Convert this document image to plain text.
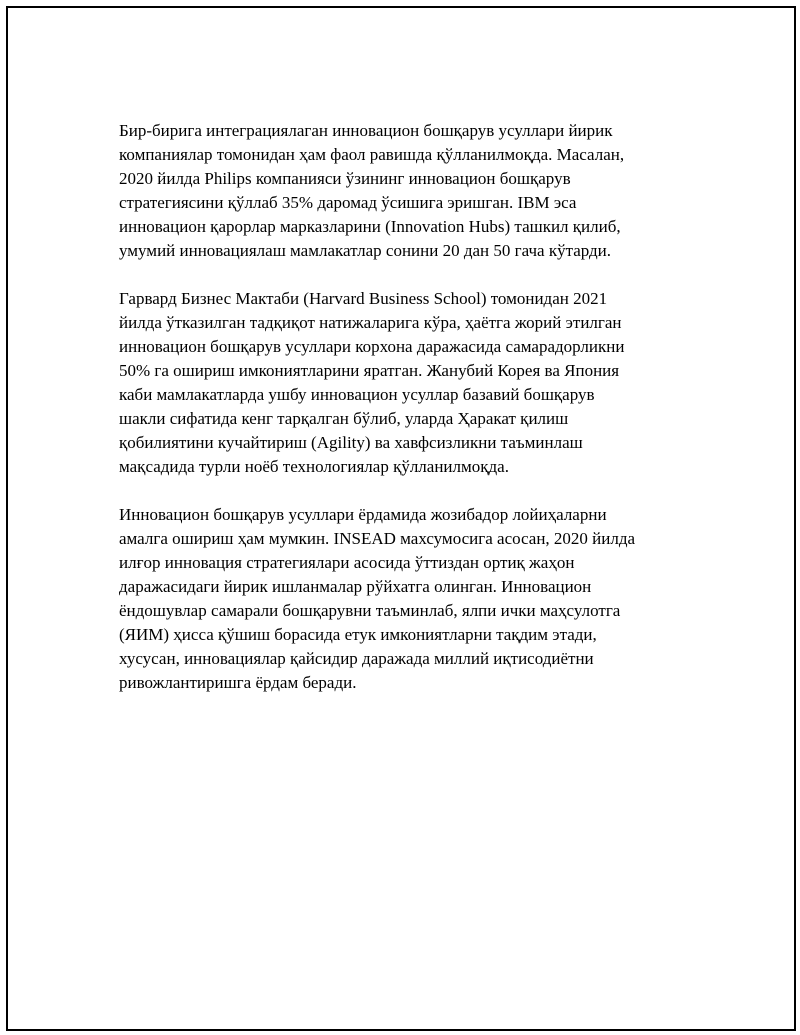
Бир-бирига интеграциялаган инновацион бошқарув усуллари йирик
компаниялар томонидан ҳам фаол равишда қўлланилмоқда. Масалан,
2020 йилда Philips компанияси ўзининг инновацион бошқарув
стратегиясини қўллаб 35% даромад ўсишига эришган. IBM эса
инновацион қарорлар марказларини (Innovation Hubs) ташкил қилиб,
умумий инновациялаш мамлакатлар сонини 20 дан 50 гача кўтарди.

Гарвард Бизнес Мактаби (Harvard Business School) томонидан 2021
йилда ўтказилган тадқиқот натижаларига кўра, ҳаётга жорий этилган
инновацион бошқарув усуллари корхона даражасида самарадорликни
50% га ошириш имкониятларини яратган. Жанубий Корея ва Япония
каби мамлакатларда ушбу инновацион усуллар базавий бошқарув
шакли сифатида кенг тарқалган бўлиб, уларда Ҳаракат қилиш
қобилиятини кучайтириш (Agility) ва хавфсизликни таъминлаш
мақсадида турли ноёб технологиялар қўлланилмоқда.

Инновацион бошқарув усуллари ёрдамида жозибадор лойиҳаларни
амалга ошириш ҳам мумкин. INSEAD махсумосига асосан, 2020 йилда
илғор инновация стратегиялари асосида ўттиздан ортиқ жаҳон
даражасидаги йирик ишланмалар рўйхатга олинган. Инновацион
ёндошувлар самарали бошқарувни таъминлаб, ялпи ички маҳсулотга
(ЯИМ) ҳисса қўшиш борасида етук имкониятларни тақдим этади,
хусусан, инновациялар қайсидир даражада миллий иқтисодиётни
ривожлантиришга ёрдам беради.
